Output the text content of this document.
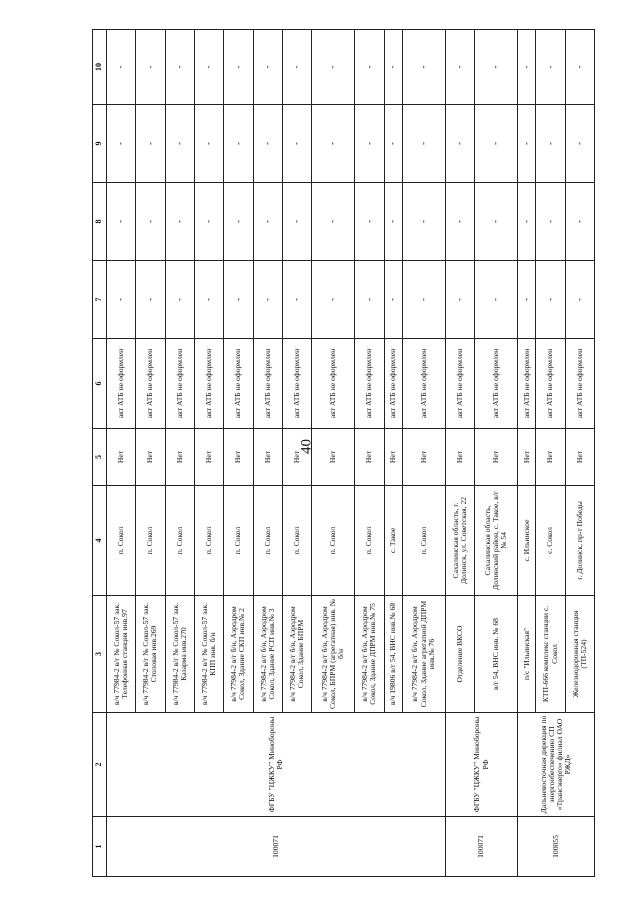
40
1	2	3	4	5	6	7	8	9	10
100071	ФГБУ "ЦЖКУ" Минобороны РФ	в/ч 77984-2 в/г № Сокол-57 зак. Телефонная станция инв.97	п. Сокол	Нет	акт АТБ не оформлен	-	-	-	-
		в/ч 77984-2 в/г № Сокол-57 зак. Столовая инв.269	п. Сокол	Нет	акт АТБ не оформлен	-	-	-	-
		в/ч 77984-2 в/г № Сокол-57 зак. Казарма инв.270	п. Сокол	Нет	акт АТБ не оформлен	-	-	-	-
		в/ч 77984-2 в/г № Сокол-57 зак. КПП инв. б/н	п. Сокол	Нет	акт АТБ не оформлен	-	-	-	-
		в/ч 77984-2 в/г б/н, Аэродром Сокол, Здание СКП инв.№ 2	п. Сокол	Нет	акт АТБ не оформлен	-	-	-	-
		в/ч 77984-2 в/г б/н, Аэродром Сокол, Здание РСП инв.№ 3	п. Сокол	Нет	акт АТБ не оформлен	-	-	-	-
		в/ч 77984-2 в/г б/н, Аэродром Сокол, Здание БПРМ	п. Сокол	Нет	акт АТБ не оформлен	-	-	-	-
		в/ч 77984-2 в/г б/н, Аэродром Сокол, БПРМ (агрегатная) инв. № б/н	п. Сокол	Нет	акт АТБ не оформлен	-	-	-	-
		в/ч 77984-2 в/г б/н, Аэродром Сокол, Здание ДПРМ инв.№ 75	п. Сокол	Нет	акт АТБ не оформлен	-	-	-	-
		в/ч 19806 в/г 54, ВНС инв.№ 68	с. Такое	Нет	акт АТБ не оформлен	-	-	-	-
		в/ч 77984-2 в/г б/н, Аэродром Сокол, Здание агрегатной ДПРМ инв.№ 76	п. Сокол	Нет	акт АТБ не оформлен	-	-	-	-
100071	ФГБУ "ЦЖКУ" Минобороны РФ	Отделение ВКСО	Сахалинская область, г. Долинск, ул. Советская, 22	Нет	акт АТБ не оформлен	-	-	-	-
		в/г 54, ВНС инв. № 68	Сахалинская область, Долинский район, с. Такое, в/г № 54	Нет	акт АТБ не оформлен	-	-	-	-
100055	Дальневосточная дирекция по энергообеспечению СП «Трансэнерго» филиал ОАО РЖД»	п/с "Ильинская"	с. Ильинское	Нет	акт АТБ не оформлен	-	-	-	-
		КТП-666 комплекс станции с. Сокол	с. Сокол	Нет	акт АТБ не оформлен	-	-	-	-
		Железнодорожная станция (ТП-524)	г. Долинск, пр-т Победы	Нет	акт АТБ не оформлен	-	-	-	-
